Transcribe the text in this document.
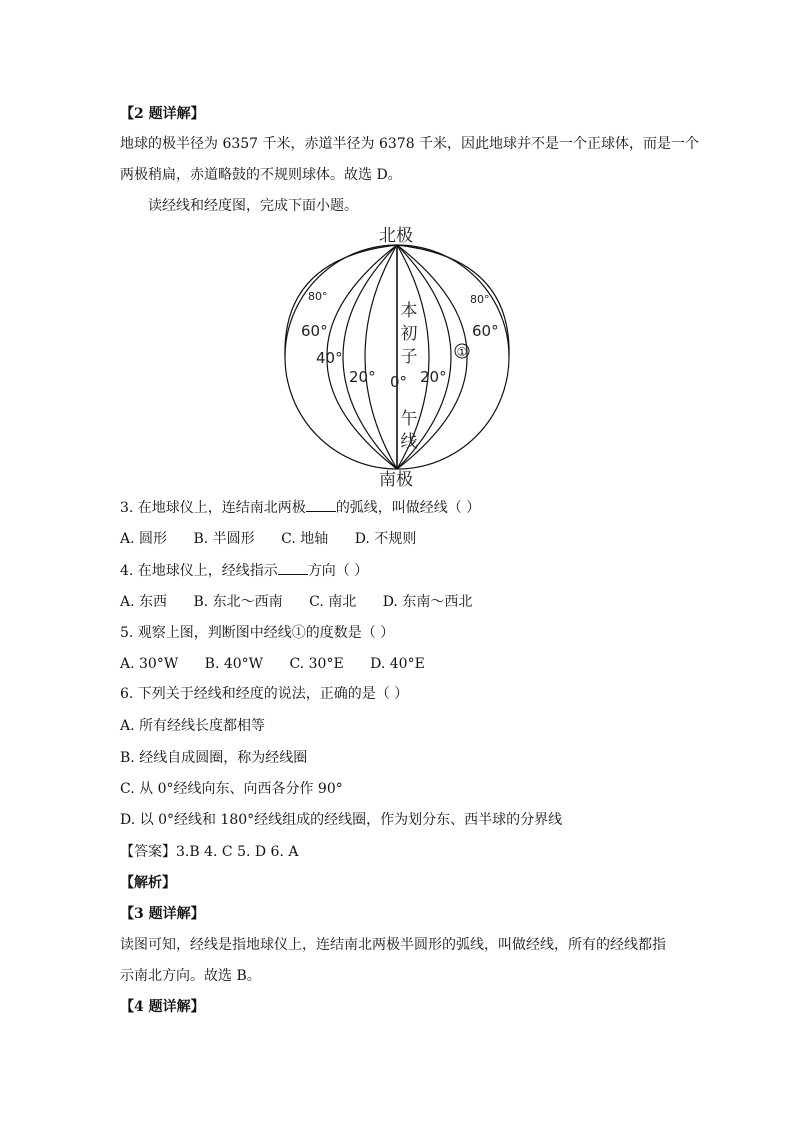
【2 题详解】
地球的极半径为 6357 千米，赤道半径为 6378 千米，因此地球并不是一个正球体，而是一个
两极稍扁，赤道略鼓的不规则球体。故选 D。
读经线和经度图，完成下面小题。
北极
南极
80°
60°
40°
20° 0° 20°
60°
80°
①
本
初
子
午
线
3. 在地球仪上，连结南北两极 的弧线，叫做经线（ ）
A. 圆形 B. 半圆形 C. 地轴 D. 不规则
4. 在地球仪上，经线指示 方向（ ）
A. 东西 B. 东北～西南 C. 南北 D. 东南～西北
5. 观察上图，判断图中经线①的度数是（ ）
A. 30°W B. 40°W C. 30°E D. 40°E
6. 下列关于经线和经度的说法，正确的是（ ）
A. 所有经线长度都相等
B. 经线自成圆圈，称为经线圈
C. 从 0°经线向东、向西各分作 90°
D. 以 0°经线和 180°经线组成的经线圈，作为划分东、西半球的分界线
【答案】3.B 4. C 5. D 6. A
【解析】
【3 题详解】
读图可知，经线是指地球仪上，连结南北两极半圆形的弧线，叫做经线，所有的经线都指
示南北方向。故选 B。
【4 题详解】
